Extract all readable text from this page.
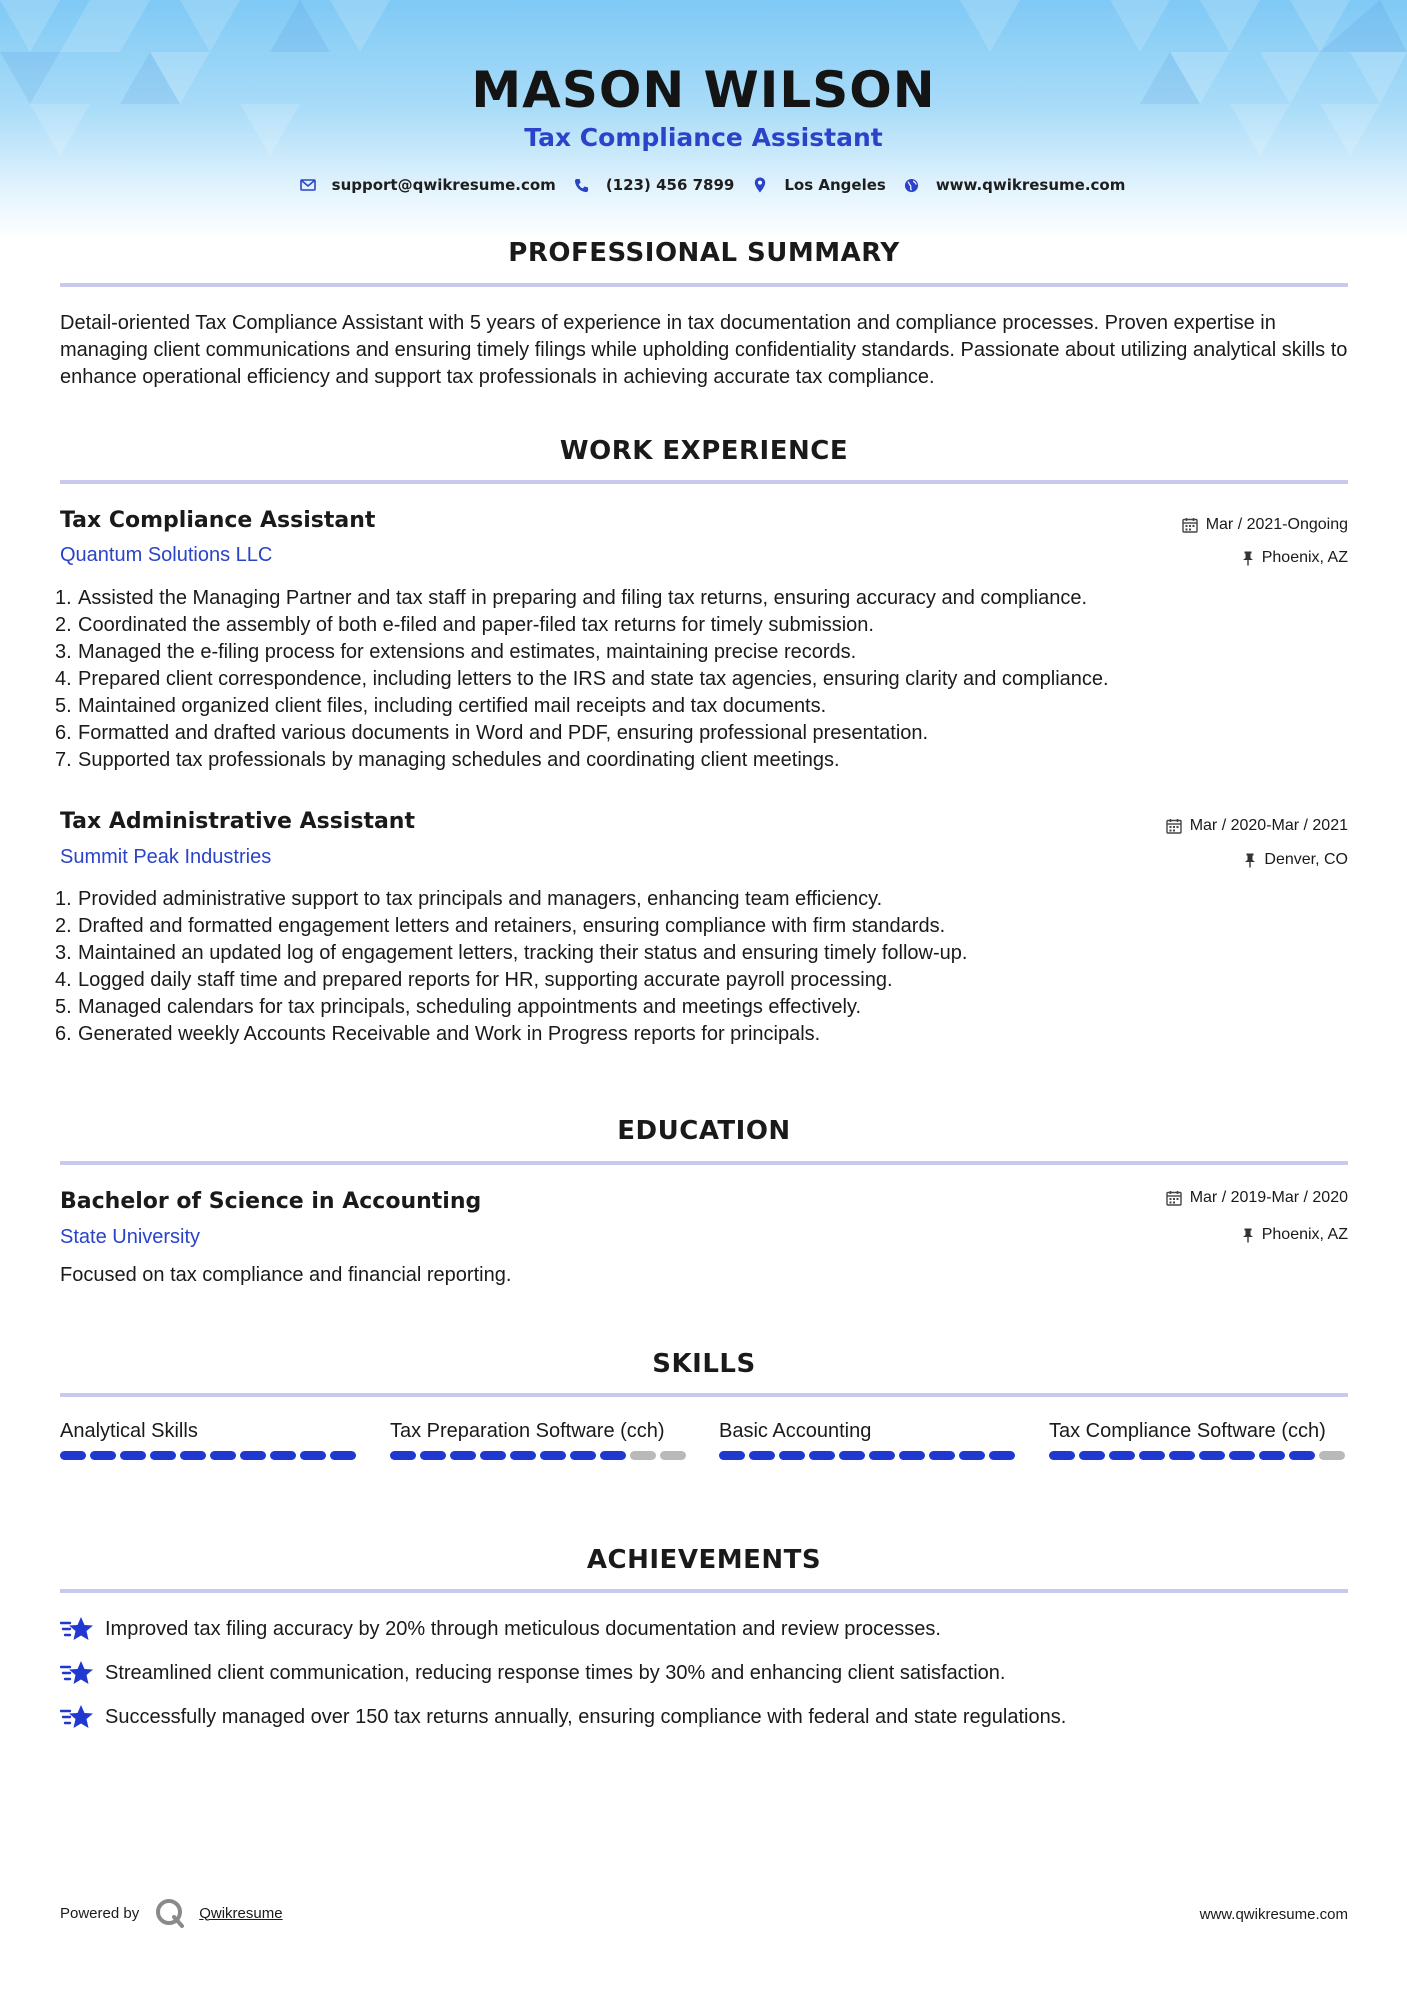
MASON WILSON
Tax Compliance Assistant
support@qwikresume.com	(123) 456 7899	Los Angeles	www.qwikresume.com
PROFESSIONAL SUMMARY
Detail-oriented Tax Compliance Assistant with 5 years of experience in tax documentation and compliance processes. Proven expertise in managing client communications and ensuring timely filings while upholding confidentiality standards. Passionate about utilizing analytical skills to enhance operational efficiency and support tax professionals in achieving accurate tax compliance.
WORK EXPERIENCE
Tax Compliance Assistant
Quantum Solutions LLC
Mar / 2021-Ongoing
Phoenix, AZ
1. Assisted the Managing Partner and tax staff in preparing and filing tax returns, ensuring accuracy and compliance.
2. Coordinated the assembly of both e-filed and paper-filed tax returns for timely submission.
3. Managed the e-filing process for extensions and estimates, maintaining precise records.
4. Prepared client correspondence, including letters to the IRS and state tax agencies, ensuring clarity and compliance.
5. Maintained organized client files, including certified mail receipts and tax documents.
6. Formatted and drafted various documents in Word and PDF, ensuring professional presentation.
7. Supported tax professionals by managing schedules and coordinating client meetings.
Tax Administrative Assistant
Summit Peak Industries
Mar / 2020-Mar / 2021
Denver, CO
1. Provided administrative support to tax principals and managers, enhancing team efficiency.
2. Drafted and formatted engagement letters and retainers, ensuring compliance with firm standards.
3. Maintained an updated log of engagement letters, tracking their status and ensuring timely follow-up.
4. Logged daily staff time and prepared reports for HR, supporting accurate payroll processing.
5. Managed calendars for tax principals, scheduling appointments and meetings effectively.
6. Generated weekly Accounts Receivable and Work in Progress reports for principals.
EDUCATION
Bachelor of Science in Accounting
State University
Mar / 2019-Mar / 2020
Phoenix, AZ
Focused on tax compliance and financial reporting.
SKILLS
Analytical Skills	Tax Preparation Software (cch)	Basic Accounting	Tax Compliance Software (cch)
ACHIEVEMENTS
Improved tax filing accuracy by 20% through meticulous documentation and review processes.
Streamlined client communication, reducing response times by 30% and enhancing client satisfaction.
Successfully managed over 150 tax returns annually, ensuring compliance with federal and state regulations.
Powered by	Qwikresume	www.qwikresume.com
